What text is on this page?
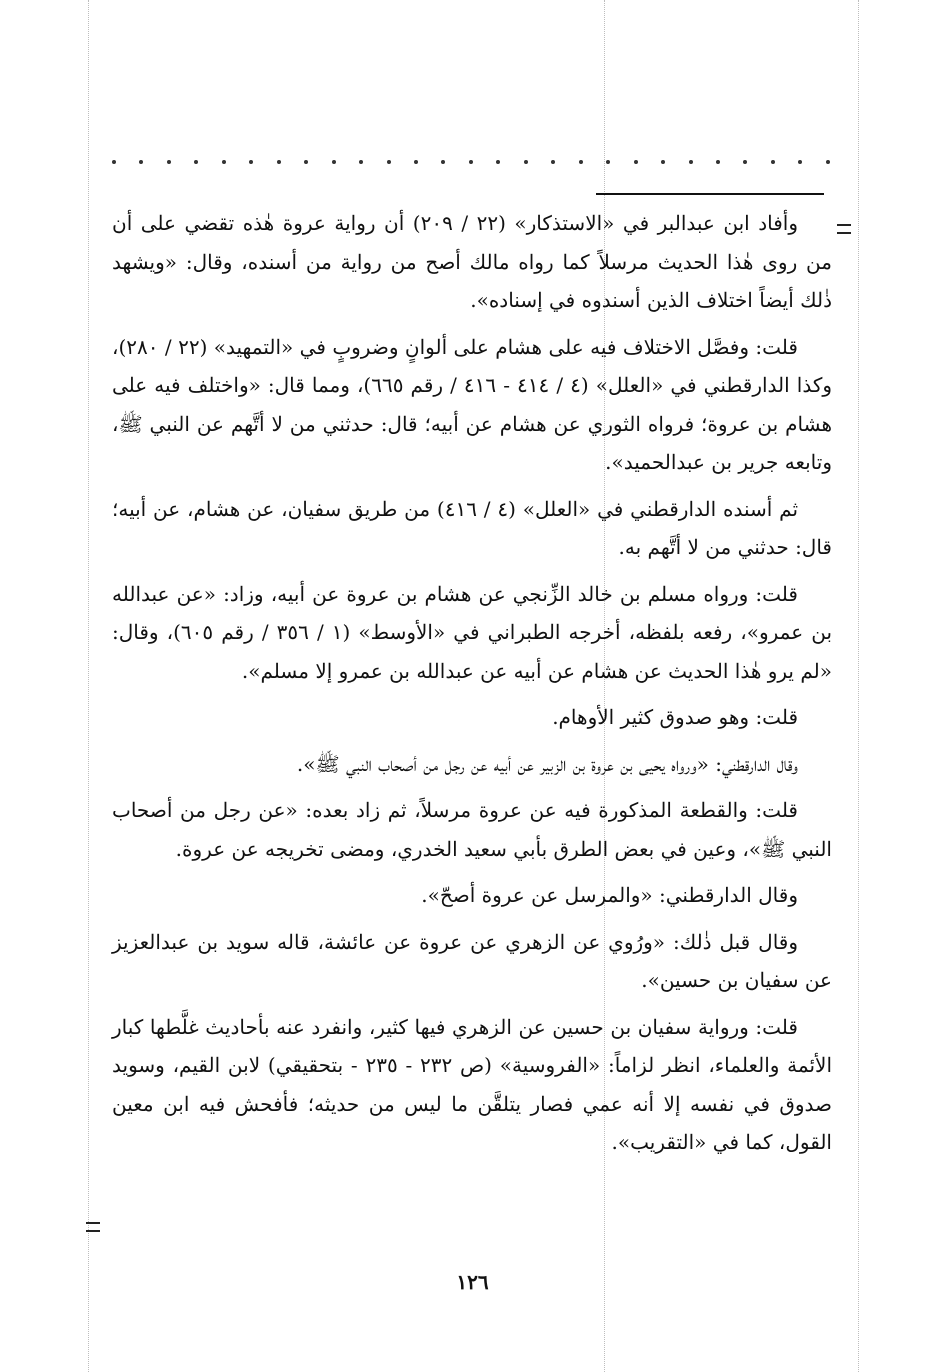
وأفاد ابن عبدالبر في «الاستذكار» (٢٢ / ٢٠٩) أن رواية عروة هٰذه تقضي على أن من روى هٰذا الحديث مرسلاً كما رواه مالك أصح من رواية من أسنده، وقال: «ويشهد ذٰلك أيضاً اختلاف الذين أسندوه في إسناده».

قلت: وفصَّل الاختلاف فيه على هشام على ألوانٍ وضروبٍ في «التمهيد» (٢٢ / ٢٨٠)، وكذا الدارقطني في «العلل» (٤ / ٤١٤ - ٤١٦ / رقم ٦٦٥)، ومما قال: «واختلف فيه على هشام بن عروة؛ فرواه الثوري عن هشام عن أبيه؛ قال: حدثني من لا أتَّهم عن النبي ﷺ، وتابعه جرير بن عبدالحميد».

ثم أسنده الدارقطني في «العلل» (٤ / ٤١٦) من طريق سفيان، عن هشام، عن أبيه؛ قال: حدثني من لا أتَّهم به.

قلت: ورواه مسلم بن خالد الزِّنجي عن هشام بن عروة عن أبيه، وزاد: «عن عبدالله بن عمرو»، رفعه بلفظه، أخرجه الطبراني في «الأوسط» (١ / ٣٥٦ / رقم ٦٠٥)، وقال: «لم يرو هٰذا الحديث عن هشام عن أبيه عن عبدالله بن عمرو إلا مسلم».

قلت: وهو صدوق كثير الأوهام.

وقال الدارقطني: «ورواه يحيى بن عروة بن الزبير عن أبيه عن رجل من أصحاب النبي ﷺ».

قلت: والقطعة المذكورة فيه عن عروة مرسلاً، ثم زاد بعده: «عن رجل من أصحاب النبي ﷺ»، وعين في بعض الطرق بأبي سعيد الخدري، ومضى تخريجه عن عروة.

وقال الدارقطني: «والمرسل عن عروة أصحّ».

وقال قبل ذٰلك: «ورُوي عن الزهري عن عروة عن عائشة، قاله سويد بن عبدالعزيز عن سفيان بن حسين».

قلت: ورواية سفيان بن حسين عن الزهري فيها كثير، وانفرد عنه بأحاديث غلَّطها كبار الأئمة والعلماء، انظر لزاماً: «الفروسية» (ص ٢٣٢ - ٢٣٥ - بتحقيقي) لابن القيم، وسويد صدوق في نفسه إلا أنه عمي فصار يتلقَّن ما ليس من حديثه؛ فأفحش فيه ابن معين القول، كما في «التقريب».

١٢٦
